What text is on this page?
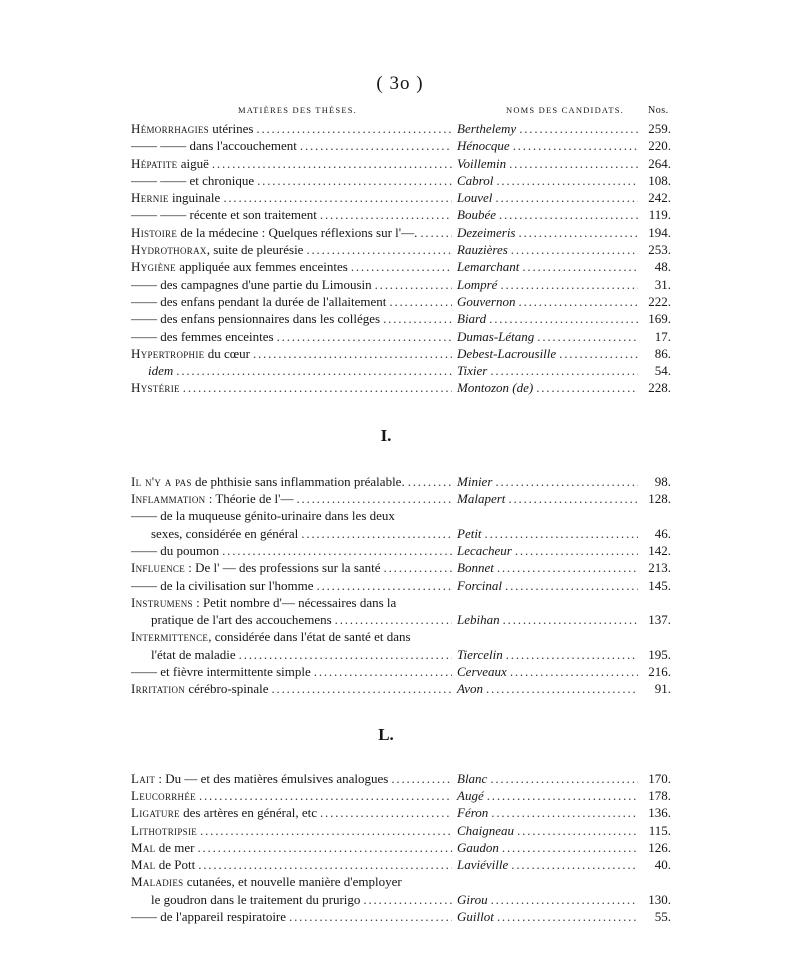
( 3o )
MATIÈRES DES THÈSES.	NOMS DES CANDIDATS. Nos.
Hémorrhagies utérines .....	Berthelemy .....	259.
—— —— dans l'accouchement .....	Hénocque .....	220.
Hépatite aiguë .....	Voillemin .....	264.
—— —— et chronique .....	Cabrol .....	108.
Hernie inguinale .....	Louvel .....	242.
—— —— récente et son traitement .....	Boubée .....	119.
Histoire de la médecine : Quelques réflexions sur l'—. .....	Dezeimeris .....	194.
Hydrothorax, suite de pleurésie .....	Rauzières .....	253.
Hygiène appliquée aux femmes enceintes .....	Lemarchant .....	48.
—— des campagnes d'une partie du Limousin .....	Lompré .....	31.
—— des enfans pendant la durée de l'allaitement .....	Gouvernon .....	222.
—— des enfans pensionnaires dans les colléges .....	Biard .....	169.
—— des femmes enceintes .....	Dumas-Létang .....	17.
Hypertrophie du cœur .....	Debest-Lacrousille .....	86.
idem .....	Tixier .....	54.
Hystérie .....	Montozon (de) .....	228.
I.
Il n'y a pas de phthisie sans inflammation préalable. .....	Minier .....	98.
Inflammation : Théorie de l'— .....	Malapert .....	128.
—— de la muqueuse génito-urinaire dans les deux
sexes, considérée en général .....	Petit .....	46.
—— du poumon .....	Lecacheur .....	142.
Influence : De l' — des professions sur la santé .....	Bonnet .....	213.
—— de la civilisation sur l'homme .....	Forcinal .....	145.
Instrumens : Petit nombre d'— nécessaires dans la
pratique de l'art des accouchemens .....	Lebihan .....	137.
Intermittence, considérée dans l'état de santé et dans
l'état de maladie .....	Tiercelin .....	195.
—— et fièvre intermittente simple .....	Cerveaux .....	216.
Irritation cérébro-spinale .....	Avon .....	91.
L.
Lait : Du — et des matières émulsives analogues .....	Blanc .....	170.
Leucorrhée .....	Augé .....	178.
Ligature des artères en général, etc .....	Féron .....	136.
Lithotripsie .....	Chaigneau .....	115.
Mal de mer .....	Gaudon .....	126.
Mal de Pott .....	Laviéville .....	40.
Maladies cutanées, et nouvelle manière d'employer
le goudron dans le traitement du prurigo .....	Girou .....	130.
—— de l'appareil respiratoire .....	Guillot .....	55.
